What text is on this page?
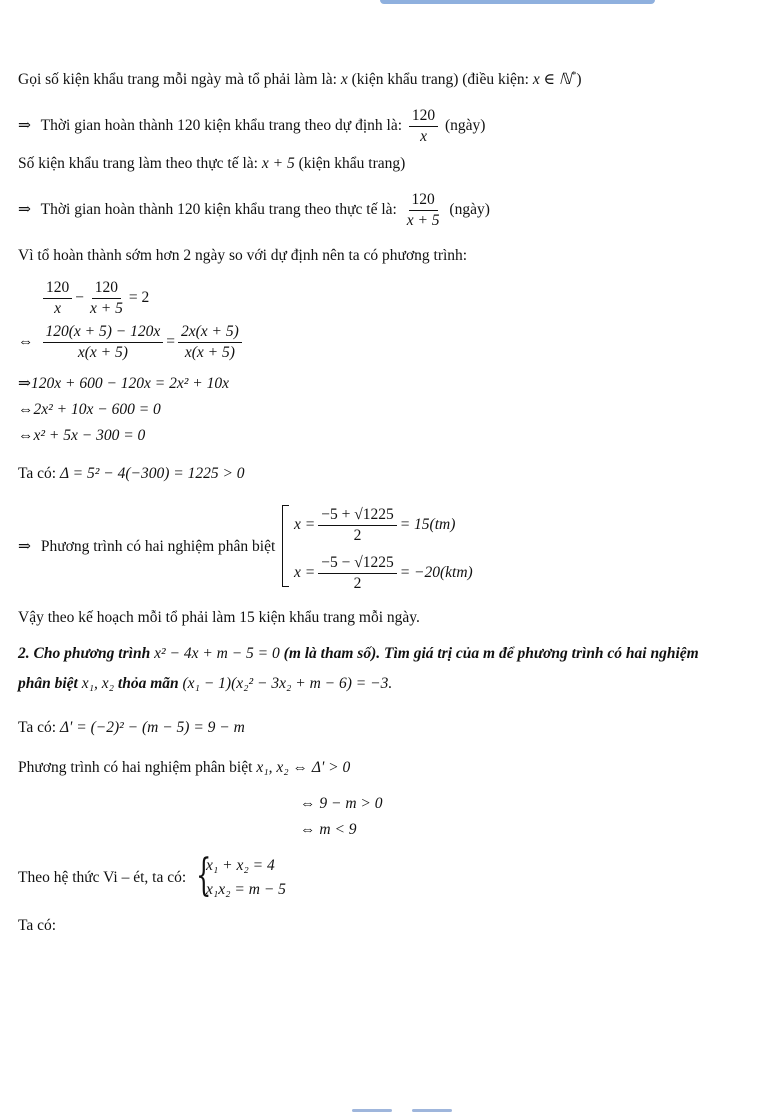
Gọi số kiện khẩu trang mỗi ngày mà tổ phải làm là: x (kiện khẩu trang) (điều kiện: x ∈ ℕ*)
⇒ Thời gian hoàn thành 120 kiện khẩu trang theo dự định là: $\frac{120}{x}$ (ngày)
Số kiện khẩu trang làm theo thực tế là: x + 5 (kiện khẩu trang)
⇒ Thời gian hoàn thành 120 kiện khẩu trang theo thực tế là: $\frac{120}{x + 5}$ (ngày)
Vì tổ hoàn thành sớm hơn 2 ngày so với dự định nên ta có phương trình:
$\frac{120}{x} - \frac{120}{x + 5} = 2$
⇔ $\frac{120(x + 5) - 120x}{x(x + 5)} = \frac{2x(x + 5)}{x(x + 5)}$
⇒120x + 600 − 120x = 2x² + 10x
⇔2x² + 10x − 600 = 0
⇔x² + 5x − 300 = 0
Ta có: Δ = 5² − 4(−300) = 1225 > 0
⇒ Phương trình có hai nghiệm phân biệt
$x = \frac{-5 + √1225}{2} = 15(tm)$
$x = \frac{-5 - √1225}{2} = -20(ktm)$
Vậy theo kế hoạch mỗi tổ phải làm 15 kiện khẩu trang mỗi ngày.
2. Cho phương trình x² − 4x + m − 5 = 0 (m là tham số). Tìm giá trị của m để phương trình có hai nghiệm
phân biệt x₁, x₂ thỏa mãn (x₁ − 1)(x₂² − 3x₂ + m − 6) = −3.
Ta có: Δ' = (−2)² − (m − 5) = 9 − m
Phương trình có hai nghiệm phân biệt x₁, x₂ ⇔ Δ' > 0
⇔ 9 − m > 0
⇔ m < 9
Theo hệ thức Vi – ét, ta có: {
x₁ + x₂ = 4
x₁x₂ = m − 5
Ta có:
